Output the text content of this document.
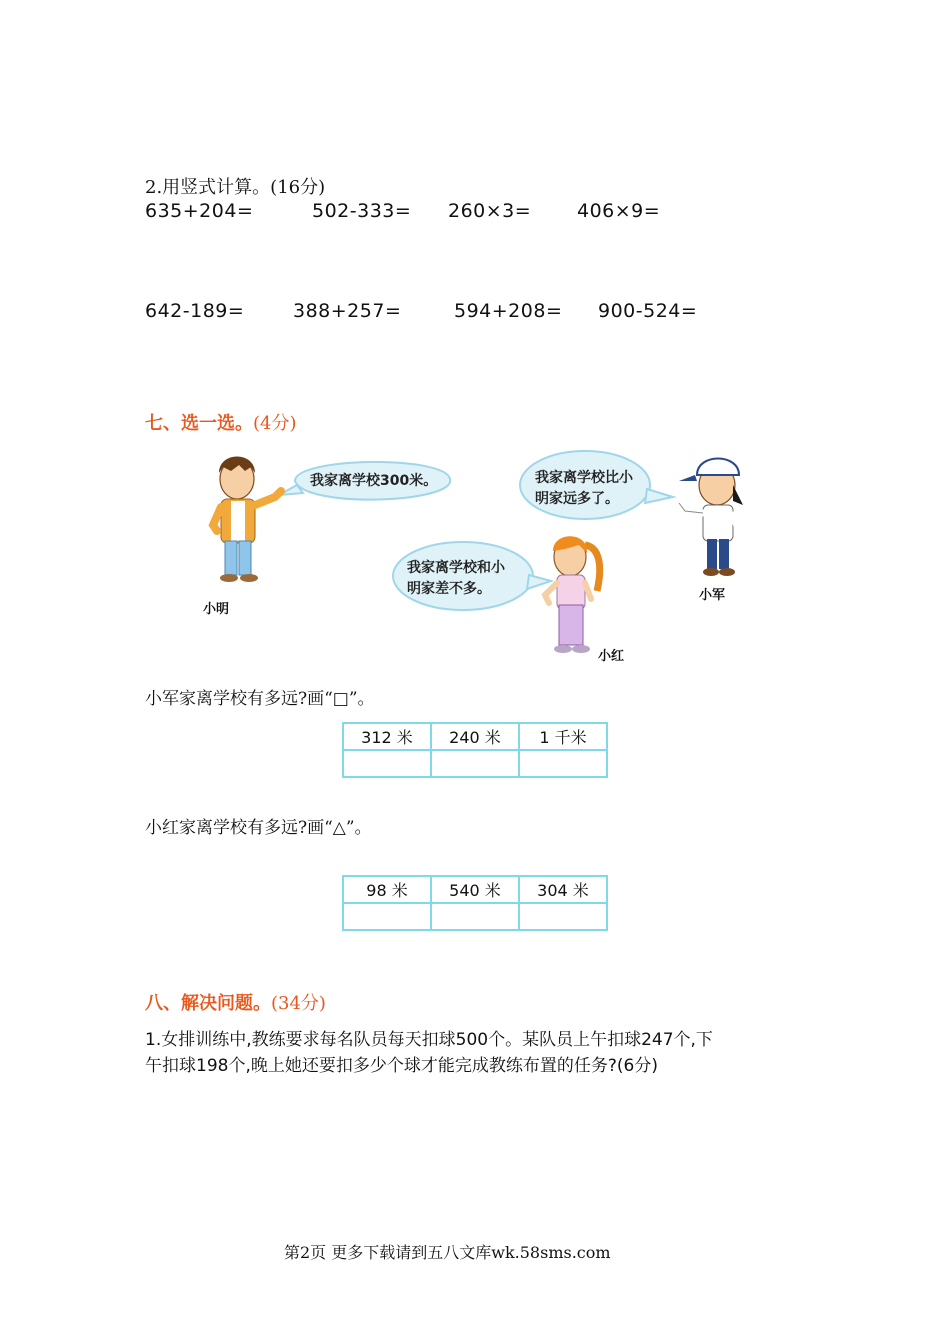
2.用竖式计算。(16分)
635+204=	502-333= 260×3= 406×9=
642-189=	388+257=	594+208= 900-524=
七、选一选。(4分)
我家离学校300米。	我家离学校比小
明家远多了。
我家离学校和小
明家差不多。
小明
小军
小红
小军家离学校有多远?画“□”。
312 米	240 米	1 千米

小红家离学校有多远?画“△”。
98 米	540 米	304 米

八、解决问题。(34分)
1.女排训练中,教练要求每名队员每天扣球500个。某队员上午扣球247个,下
午扣球198个,晚上她还要扣多少个球才能完成教练布置的任务?(6分)
第2页 更多下载请到五八文库wk.58sms.com
